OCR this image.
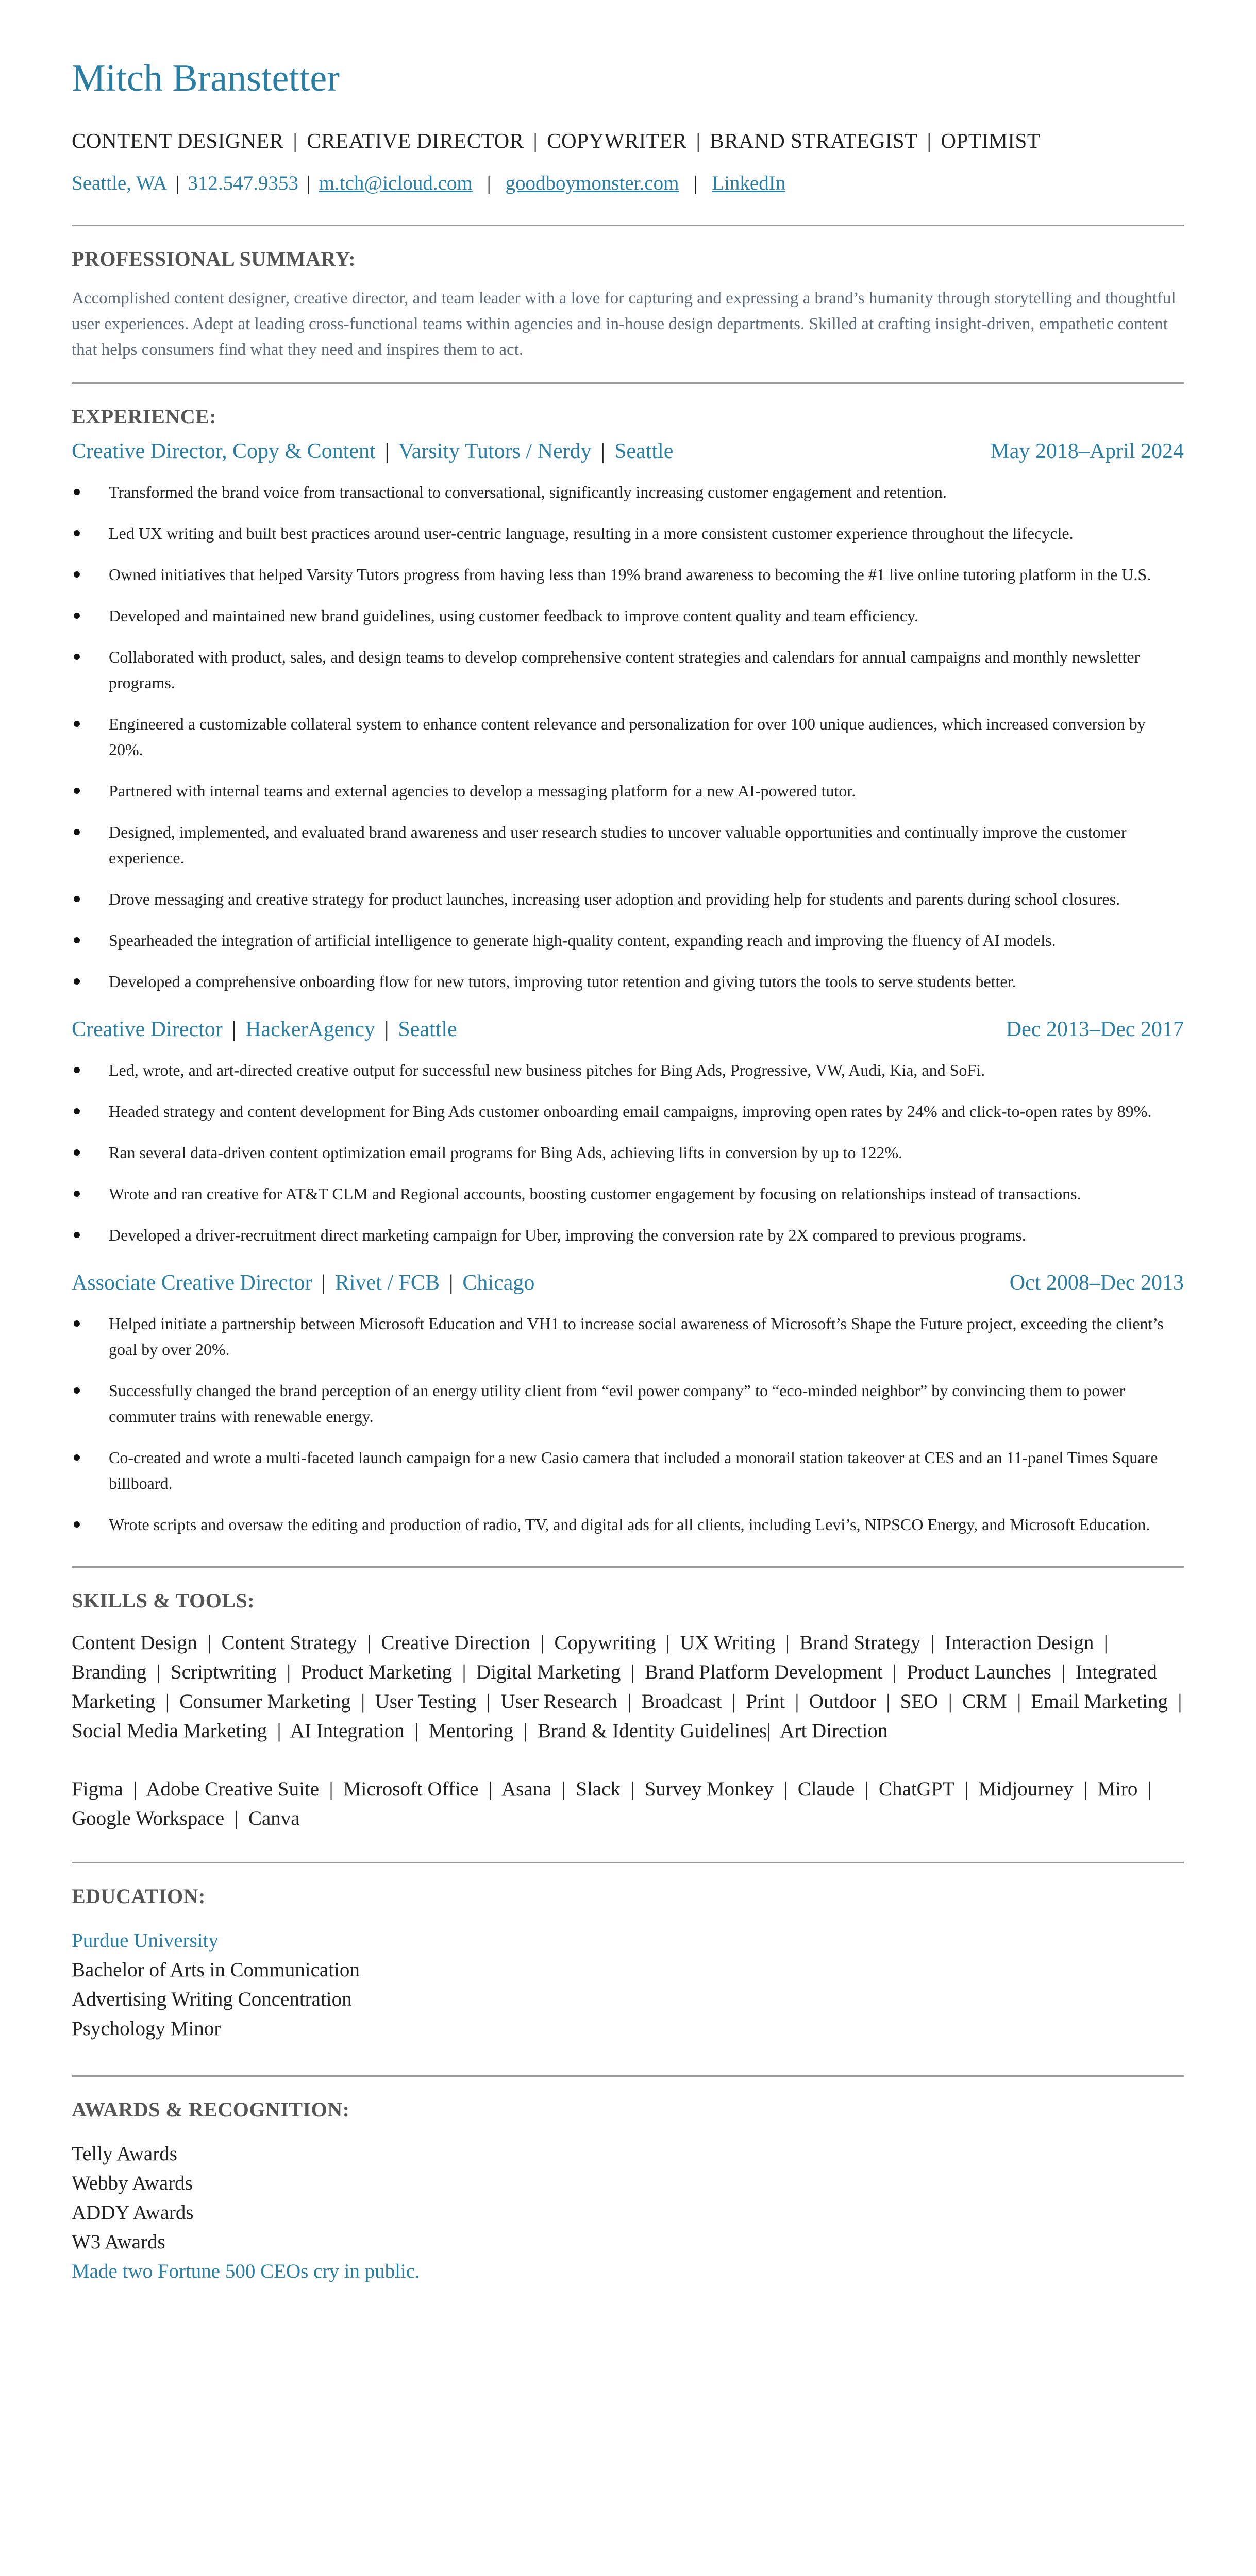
Mitch Branstetter
CONTENT DESIGNER | CREATIVE DIRECTOR | COPYWRITER | BRAND STRATEGIST | OPTIMIST
Seattle, WA | 312.547.9353 | m.tch@icloud.com | goodboymonster.com | LinkedIn
PROFESSIONAL SUMMARY:
Accomplished content designer, creative director, and team leader with a love for capturing and expressing a brand’s humanity through storytelling and thoughtful user experiences. Adept at leading cross-functional teams within agencies and in-house design departments. Skilled at crafting insight-driven, empathetic content that helps consumers find what they need and inspires them to act.
EXPERIENCE:
Creative Director, Copy & Content | Varsity Tutors / Nerdy | Seattle	May 2018–April 2024
Transformed the brand voice from transactional to conversational, significantly increasing customer engagement and retention.
Led UX writing and built best practices around user-centric language, resulting in a more consistent customer experience throughout the lifecycle.
Owned initiatives that helped Varsity Tutors progress from having less than 19% brand awareness to becoming the #1 live online tutoring platform in the U.S.
Developed and maintained new brand guidelines, using customer feedback to improve content quality and team efficiency.
Collaborated with product, sales, and design teams to develop comprehensive content strategies and calendars for annual campaigns and monthly newsletter programs.
Engineered a customizable collateral system to enhance content relevance and personalization for over 100 unique audiences, which increased conversion by 20%.
Partnered with internal teams and external agencies to develop a messaging platform for a new AI-powered tutor.
Designed, implemented, and evaluated brand awareness and user research studies to uncover valuable opportunities and continually improve the customer experience.
Drove messaging and creative strategy for product launches, increasing user adoption and providing help for students and parents during school closures.
Spearheaded the integration of artificial intelligence to generate high-quality content, expanding reach and improving the fluency of AI models.
Developed a comprehensive onboarding flow for new tutors, improving tutor retention and giving tutors the tools to serve students better.
Creative Director | HackerAgency | Seattle	Dec 2013–Dec 2017
Led, wrote, and art-directed creative output for successful new business pitches for Bing Ads, Progressive, VW, Audi, Kia, and SoFi.
Headed strategy and content development for Bing Ads customer onboarding email campaigns, improving open rates by 24% and click-to-open rates by 89%.
Ran several data-driven content optimization email programs for Bing Ads, achieving lifts in conversion by up to 122%.
Wrote and ran creative for AT&T CLM and Regional accounts, boosting customer engagement by focusing on relationships instead of transactions.
Developed a driver-recruitment direct marketing campaign for Uber, improving the conversion rate by 2X compared to previous programs.
Associate Creative Director | Rivet / FCB | Chicago	Oct 2008–Dec 2013
Helped initiate a partnership between Microsoft Education and VH1 to increase social awareness of Microsoft’s Shape the Future project, exceeding the client’s goal by over 20%.
Successfully changed the brand perception of an energy utility client from “evil power company” to “eco-minded neighbor” by convincing them to power commuter trains with renewable energy.
Co-created and wrote a multi-faceted launch campaign for a new Casio camera that included a monorail station takeover at CES and an 11-panel Times Square billboard.
Wrote scripts and oversaw the editing and production of radio, TV, and digital ads for all clients, including Levi’s, NIPSCO Energy, and Microsoft Education.
SKILLS & TOOLS:
Content Design  |  Content Strategy  |  Creative Direction  |  Copywriting  |  UX Writing  |  Brand Strategy  |  Interaction Design  |  Branding  |  Scriptwriting  |  Product Marketing  |  Digital Marketing  |  Brand Platform Development  |  Product Launches  |  Integrated Marketing  |  Consumer Marketing  |  User Testing  |  User Research  |  Broadcast  |  Print  |  Outdoor  |  SEO  |  CRM  |  Email Marketing  |  Social Media Marketing  |  AI Integration  |  Mentoring  |  Brand & Identity Guidelines|  Art Direction
Figma  |  Adobe Creative Suite  |  Microsoft Office  |  Asana  |  Slack  |  Survey Monkey  |  Claude  |  ChatGPT  |  Midjourney  |  Miro  |  Google Workspace  |  Canva
EDUCATION:
Purdue University
Bachelor of Arts in Communication
Advertising Writing Concentration
Psychology Minor
AWARDS & RECOGNITION:
Telly Awards
Webby Awards
ADDY Awards
W3 Awards
Made two Fortune 500 CEOs cry in public.
